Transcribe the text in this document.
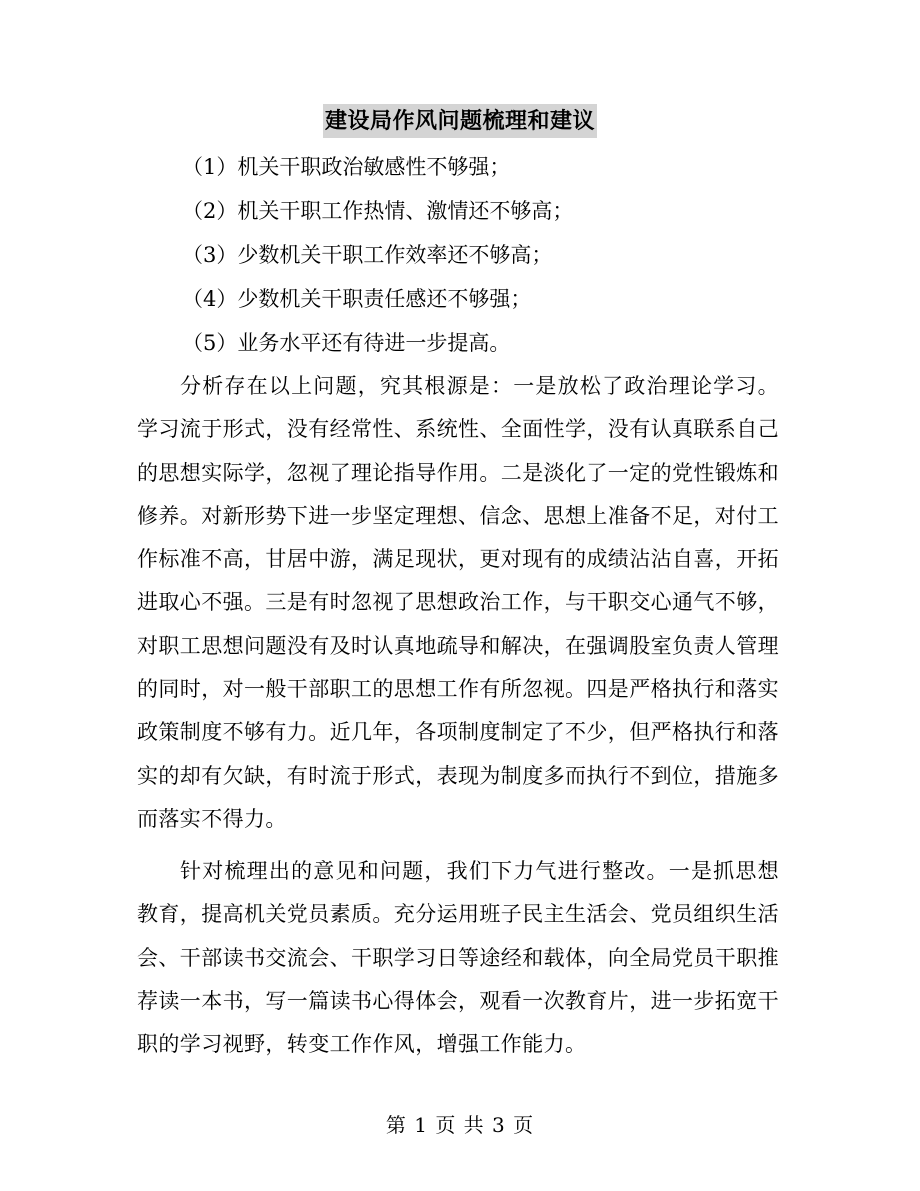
建设局作风问题梳理和建议
（1）机关干职政治敏感性不够强；
（2）机关干职工作热情、激情还不够高；
（3）少数机关干职工作效率还不够高；
（4）少数机关干职责任感还不够强；
（5）业务水平还有待进一步提高。

分析存在以上问题，究其根源是：一是放松了政治理论学习。学习流于形式，没有经常性、系统性、全面性学，没有认真联系自己的思想实际学，忽视了理论指导作用。二是淡化了一定的党性锻炼和修养。对新形势下进一步坚定理想、信念、思想上准备不足，对付工作标准不高，甘居中游，满足现状，更对现有的成绩沾沾自喜，开拓进取心不强。三是有时忽视了思想政治工作，与干职交心通气不够，对职工思想问题没有及时认真地疏导和解决，在强调股室负责人管理的同时，对一般干部职工的思想工作有所忽视。四是严格执行和落实政策制度不够有力。近几年，各项制度制定了不少，但严格执行和落实的却有欠缺，有时流于形式，表现为制度多而执行不到位，措施多而落实不得力。

针对梳理出的意见和问题，我们下力气进行整改。一是抓思想教育，提高机关党员素质。充分运用班子民主生活会、党员组织生活会、干部读书交流会、干职学习日等途经和载体，向全局党员干职推荐读一本书，写一篇读书心得体会，观看一次教育片，进一步拓宽干职的学习视野，转变工作作风，增强工作能力。

第 1 页 共 3 页
